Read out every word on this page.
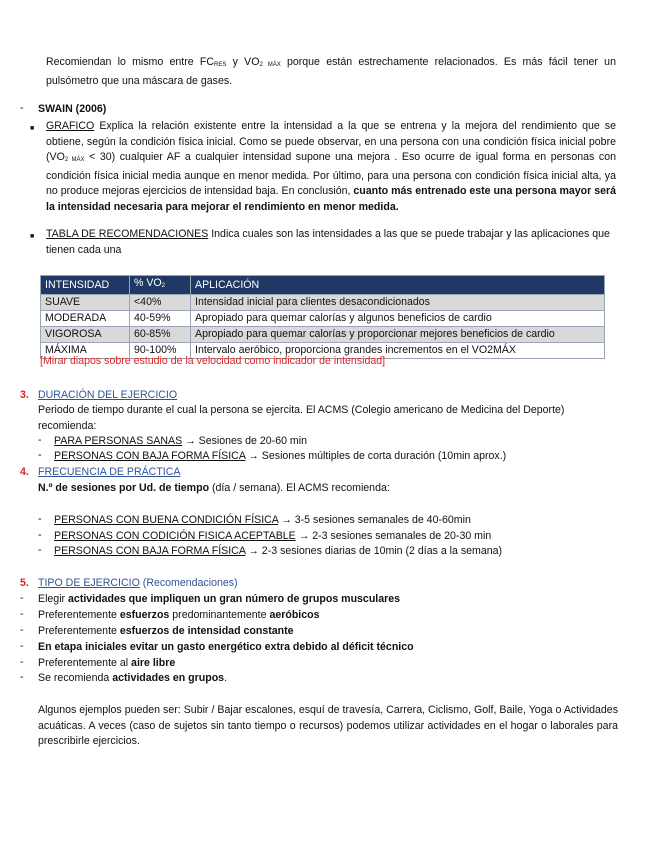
Recomiendan lo mismo entre $FC_{RES}$ y $VO_{2 MÁX}$ porque están estrechamente relacionados. Es más fácil tener un pulsómetro que una máscara de gases.
- SWAIN (2006)
■ GRAFICO Explica la relación existente entre la intensidad a la que se entrena y la mejora del rendimiento que se obtiene, según la condición física inicial. Como se puede observar, en una persona con una condición física inicial pobre $(VO_{2 MÁX} < 30)$ cualquier AF a cualquier intensidad supone una mejora . Eso ocurre de igual forma en personas con condición física inicial media aunque en menor medida. Por último, para una persona con condición física inicial alta, ya no produce mejoras ejercicios de intensidad baja. En conclusión, cuanto más entrenado este una persona mayor será la intensidad necesaria para mejorar el rendimiento en menor medida.
■ TABLA DE RECOMENDACIONES Indica cuales son las intensidades a las que se puede trabajar y las aplicaciones que tienen cada una
INTENSIDAD	% $VO_2$	APLICACIÓN
SUAVE	<40%	Intensidad inicial para clientes desacondicionados
MODERADA	40-59%	Apropiado para quemar calorías y algunos beneficios de cardio
VIGOROSA	60-85%	Apropiado para quemar calorías y proporcionar mejores beneficios de cardio
MÁXIMA	90-100%	Intervalo aeróbico, proporciona grandes incrementos en el VO2MÁX
[Mirar diapos sobre estudio de la velocidad como indicador de intensidad]
3. DURACIÓN DEL EJERCICIO
Periodo de tiempo durante el cual la persona se ejercita. El ACMS (Colegio americano de Medicina del Deporte) recomienda:
- PARA PERSONAS SANAS → Sesiones de 20-60 min
- PERSONAS CON BAJA FORMA FÍSICA → Sesiones múltiples de corta duración (10min aprox.)
4. FRECUENCIA DE PRÁCTICA
N.º de sesiones por Ud. de tiempo (día / semana). El ACMS recomienda:
- PERSONAS CON BUENA CONDICIÓN FÍSICA → 3-5 sesiones semanales de 40-60min
- PERSONAS CON CODICIÓN FISICA ACEPTABLE → 2-3 sesiones semanales de 20-30 min
- PERSONAS CON BAJA FORMA FÍSICA → 2-3 sesiones diarias de 10min (2 días a la semana)
5. TIPO DE EJERCICIO (Recomendaciones)
- Elegir actividades que impliquen un gran número de grupos musculares
- Preferentemente esfuerzos predominantemente aeróbicos
- Preferentemente esfuerzos de intensidad constante
- En etapa iniciales evitar un gasto energético extra debido al déficit técnico
- Preferentemente al aire libre
- Se recomienda actividades en grupos.
Algunos ejemplos pueden ser: Subir / Bajar escalones, esquí de travesía, Carrera, Ciclismo, Golf, Baile, Yoga o Actividades acuáticas. A veces (caso de sujetos sin tanto tiempo o recursos) podemos utilizar actividades en el hogar o laborales para prescribirle ejercicios.
